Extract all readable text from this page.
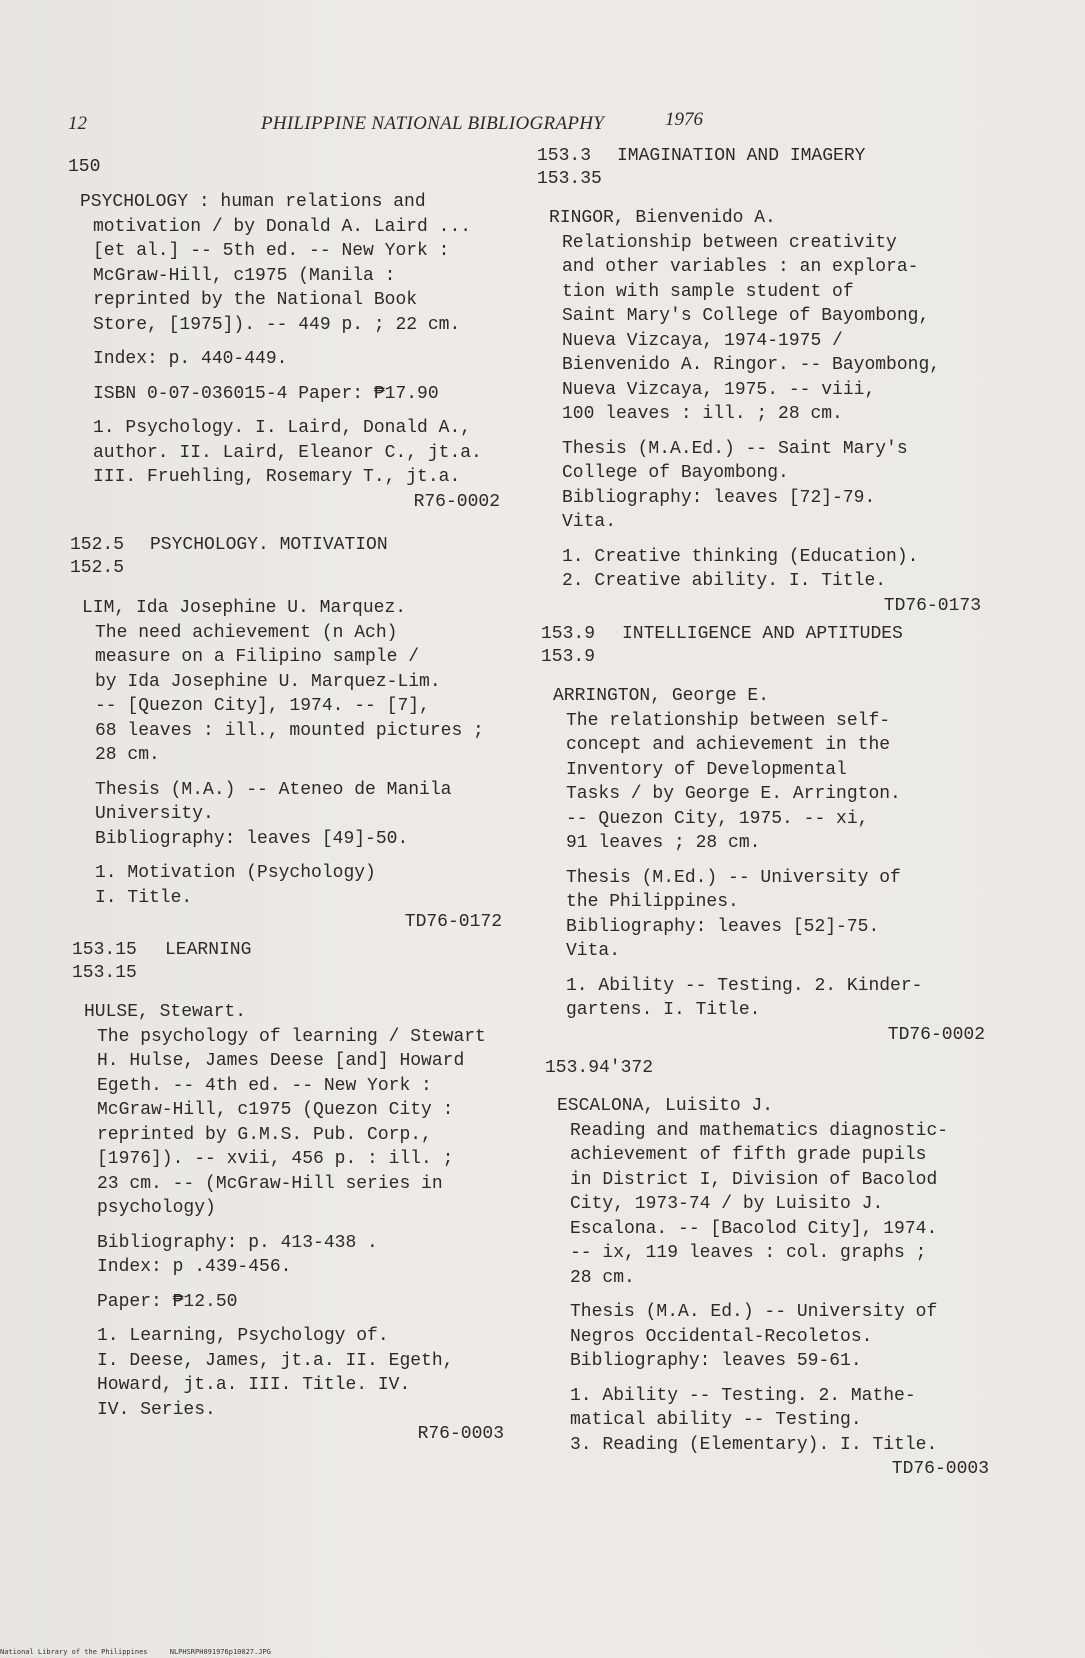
12	PHILIPPINE NATIONAL BIBLIOGRAPHY	1976
150
PSYCHOLOGY : human relations and
motivation / by Donald A. Laird ...
[et al.] -- 5th ed. -- New York :
McGraw-Hill, c1975 (Manila :
reprinted by the National Book
Store, [1975]). -- 449 p. ; 22 cm.
Index: p. 440-449.
ISBN 0-07-036015-4 Paper: ₱17.90
1. Psychology. I. Laird, Donald A.,
author. II. Laird, Eleanor C., jt.a.
III. Fruehling, Rosemary T., jt.a.
R76-0002
152.5
152.5
PSYCHOLOGY. MOTIVATION
LIM, Ida Josephine U. Marquez.
The need achievement (n Ach)
measure on a Filipino sample /
by Ida Josephine U. Marquez-Lim.
-- [Quezon City], 1974. -- [7],
68 leaves : ill., mounted pictures ;
28 cm.
Thesis (M.A.) -- Ateneo de Manila
University.
Bibliography: leaves [49]-50.
1. Motivation (Psychology)
I. Title.
TD76-0172
153.15
153.15
LEARNING
HULSE, Stewart.
The psychology of learning / Stewart
H. Hulse, James Deese [and] Howard
Egeth. -- 4th ed. -- New York :
McGraw-Hill, c1975 (Quezon City :
reprinted by G.M.S. Pub. Corp.,
[1976]). -- xvii, 456 p. : ill. ;
23 cm. -- (McGraw-Hill series in
psychology)
Bibliography: p. 413-438 .
Index: p .439-456.
Paper: ₱12.50
1. Learning, Psychology of.
I. Deese, James, jt.a. II. Egeth,
Howard, jt.a. III. Title. IV.
IV. Series.
R76-0003
153.3
153.35
IMAGINATION AND IMAGERY
RINGOR, Bienvenido A.
Relationship between creativity
and other variables : an explora-
tion with sample student of
Saint Mary's College of Bayombong,
Nueva Vizcaya, 1974-1975 /
Bienvenido A. Ringor. -- Bayombong,
Nueva Vizcaya, 1975. -- viii,
100 leaves : ill. ; 28 cm.
Thesis (M.A.Ed.) -- Saint Mary's
College of Bayombong.
Bibliography: leaves [72]-79.
Vita.
1. Creative thinking (Education).
2. Creative ability. I. Title.
TD76-0173
153.9
153.9
INTELLIGENCE AND APTITUDES
ARRINGTON, George E.
The relationship between self-
concept and achievement in the
Inventory of Developmental
Tasks / by George E. Arrington.
-- Quezon City, 1975. -- xi,
91 leaves ; 28 cm.
Thesis (M.Ed.) -- University of
the Philippines.
Bibliography: leaves [52]-75.
Vita.
1. Ability -- Testing. 2. Kinder-
gartens. I. Title.
TD76-0002
153.94'372
ESCALONA, Luisito J.
Reading and mathematics diagnostic-
achievement of fifth grade pupils
in District I, Division of Bacolod
City, 1973-74 / by Luisito J.
Escalona. -- [Bacolod City], 1974.
-- ix, 119 leaves : col. graphs ;
28 cm.
Thesis (M.A. Ed.) -- University of
Negros Occidental-Recoletos.
Bibliography: leaves 59-61.
1. Ability -- Testing. 2. Mathe-
matical ability -- Testing.
3. Reading (Elementary). I. Title.
TD76-0003
National Library of the Philippines	NLPHSRPH091976p10027.JPG
